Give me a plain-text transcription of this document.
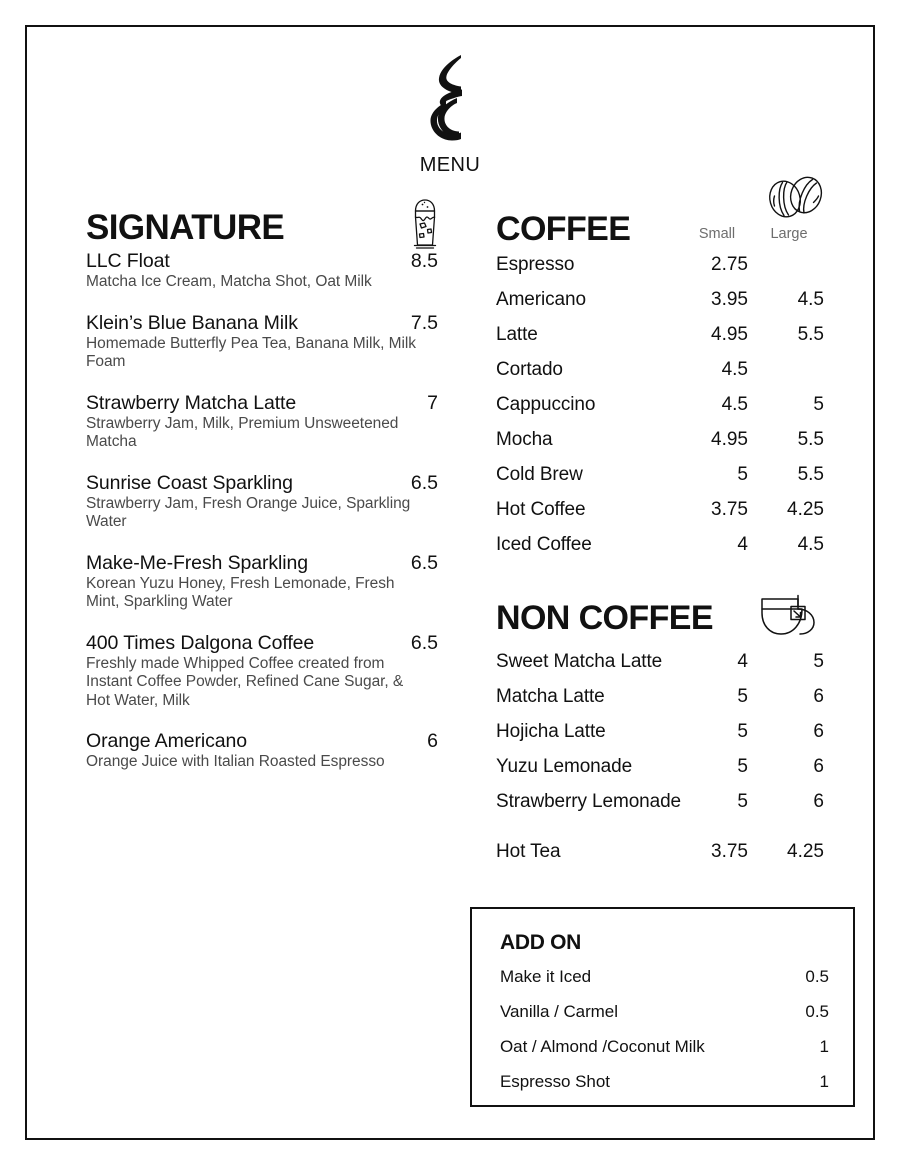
MENU
SIGNATURE
LLC Float	8.5
Matcha Ice Cream, Matcha Shot, Oat Milk
Klein’s Blue Banana Milk	7.5
Homemade Butterfly Pea Tea, Banana Milk, Milk Foam
Strawberry Matcha Latte	7
Strawberry Jam, Milk, Premium Unsweetened Matcha
Sunrise Coast Sparkling	6.5
Strawberry Jam, Fresh Orange Juice, Sparkling Water
Make-Me-Fresh Sparkling	6.5
Korean Yuzu Honey, Fresh Lemonade, Fresh Mint, Sparkling Water
400 Times Dalgona Coffee	6.5
Freshly made Whipped Coffee created from Instant Coffee Powder, Refined Cane Sugar, & Hot Water, Milk
Orange Americano	6
Orange Juice with Italian Roasted Espresso
COFFEE	Small	Large
Espresso	2.75
Americano	3.95	4.5
Latte	4.95	5.5
Cortado	4.5
Cappuccino	4.5	5
Mocha	4.95	5.5
Cold Brew	5	5.5
Hot Coffee	3.75	4.25
Iced Coffee	4	4.5
NON COFFEE
Sweet Matcha Latte	4	5
Matcha Latte	5	6
Hojicha Latte	5	6
Yuzu Lemonade	5	6
Strawberry Lemonade	5	6
Hot Tea	3.75	4.25
ADD ON
Make it Iced	0.5
Vanilla / Carmel	0.5
Oat / Almond /Coconut Milk	1
Espresso Shot	1
